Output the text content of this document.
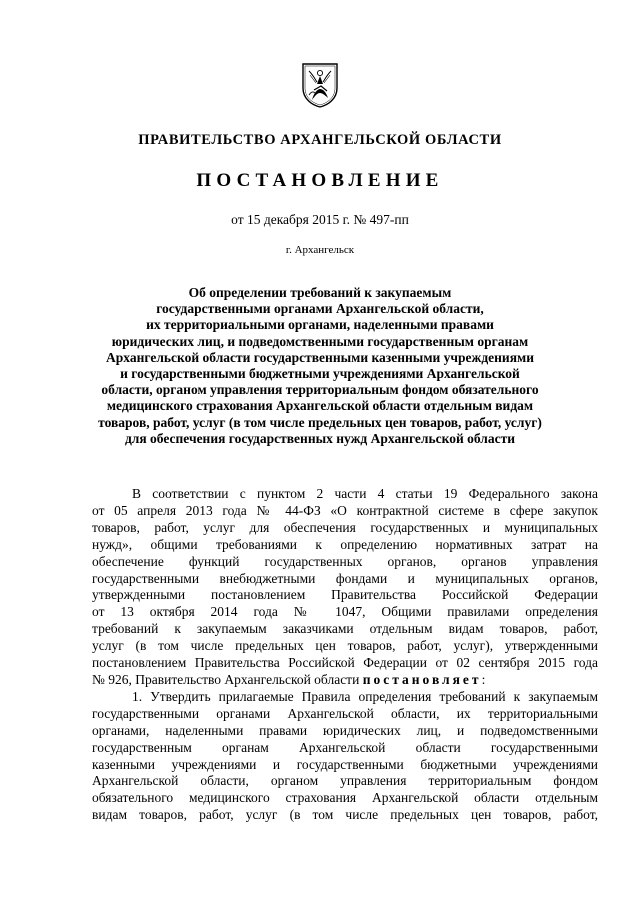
ПРАВИТЕЛЬСТВО АРХАНГЕЛЬСКОЙ ОБЛАСТИ
ПОСТАНОВЛЕНИЕ
от 15 декабря 2015 г. № 497-пп
г. Архангельск
Об определении требований к закупаемым
государственными органами Архангельской области,
их территориальными органами, наделенными правами
юридических лиц, и подведомственными государственным органам
Архангельской области государственными казенными учреждениями
и государственными бюджетными учреждениями Архангельской
области, органом управления территориальным фондом обязательного
медицинского страхования Архангельской области отдельным видам
товаров, работ, услуг (в том числе предельных цен товаров, работ, услуг)
для обеспечения государственных нужд Архангельской области
В соответствии с пунктом 2 части 4 статьи 19 Федерального закона
от 05 апреля 2013 года № 44-ФЗ «О контрактной системе в сфере закупок
товаров, работ, услуг для обеспечения государственных и муниципальных
нужд», общими требованиями к определению нормативных затрат на
обеспечение функций государственных органов, органов управления
государственными внебюджетными фондами и муниципальных органов,
утвержденными постановлением Правительства Российской Федерации
от 13 октября 2014 года № 1047, Общими правилами определения
требований к закупаемым заказчиками отдельным видам товаров, работ,
услуг (в том числе предельных цен товаров, работ, услуг), утвержденными
постановлением Правительства Российской Федерации от 02 сентября 2015 года
№ 926, Правительство Архангельской области постановляет:
1. Утвердить прилагаемые Правила определения требований к закупаемым
государственными органами Архангельской области, их территориальными
органами, наделенными правами юридических лиц, и подведомственными
государственным органам Архангельской области государственными
казенными учреждениями и государственными бюджетными учреждениями
Архангельской области, органом управления территориальным фондом
обязательного медицинского страхования Архангельской области отдельным
видам товаров, работ, услуг (в том числе предельных цен товаров, работ,
